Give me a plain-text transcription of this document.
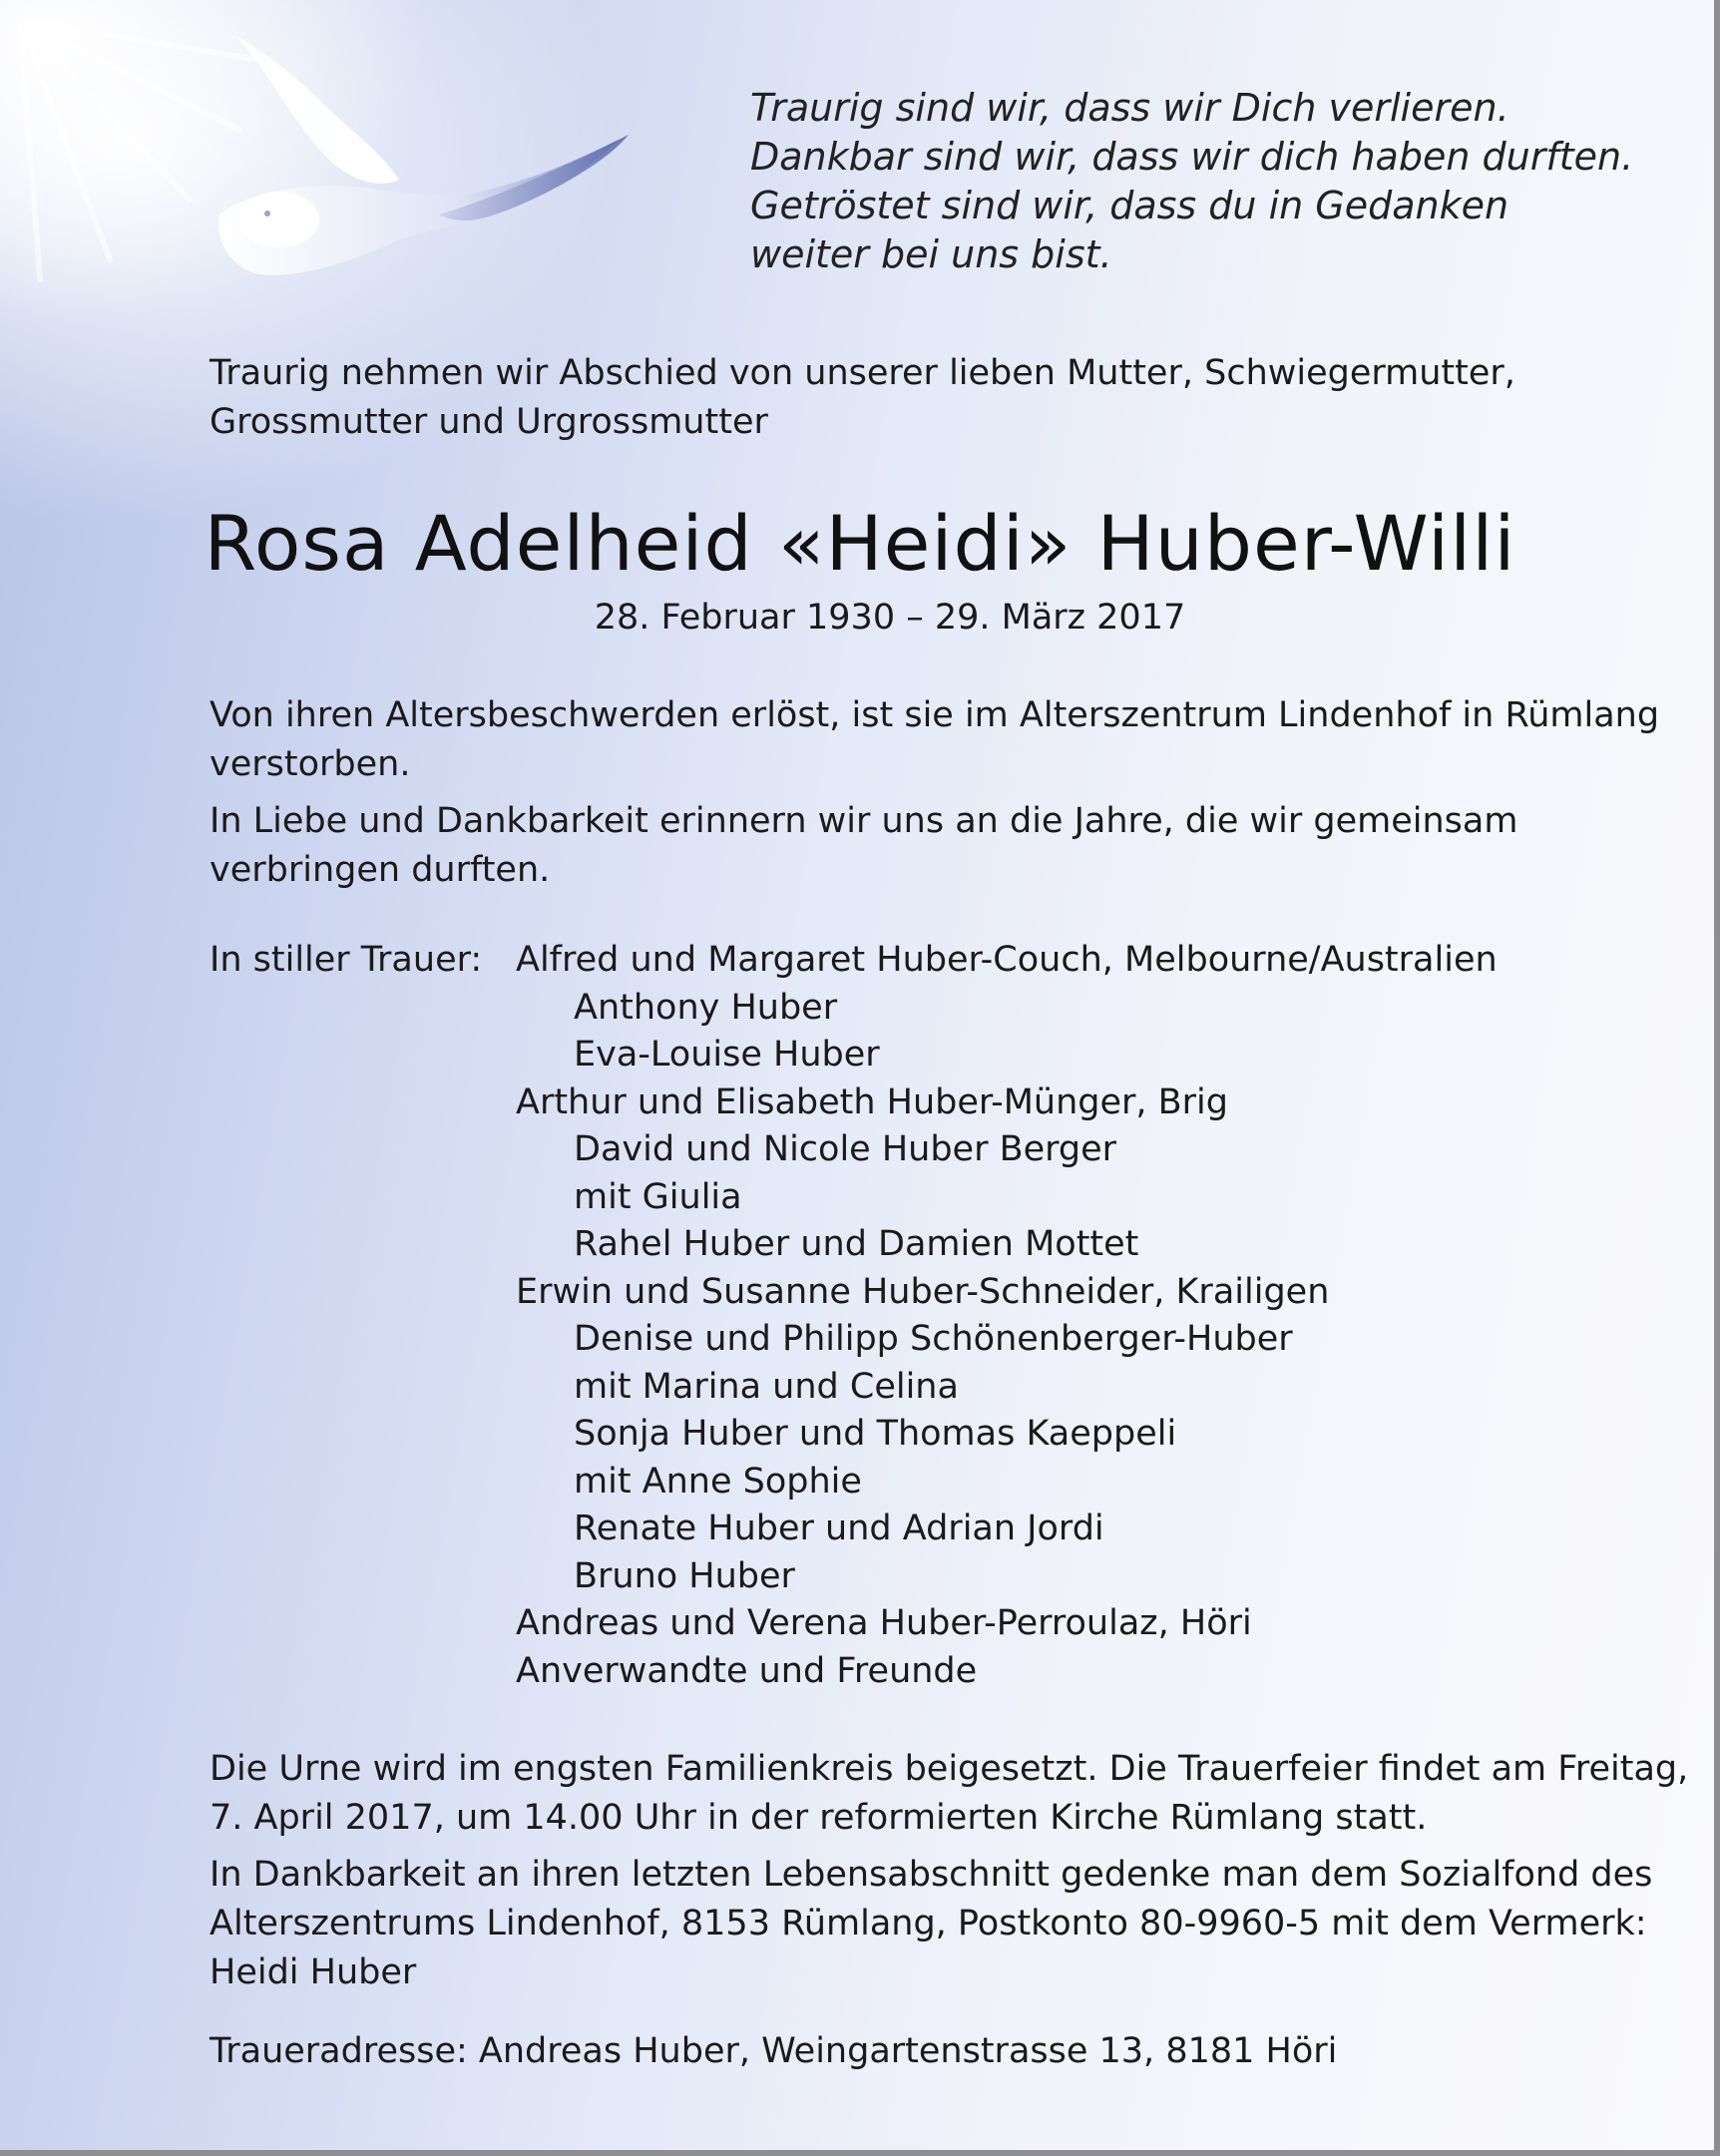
Traurig sind wir, dass wir Dich verlieren.
Dankbar sind wir, dass wir dich haben durften.
Getröstet sind wir, dass du in Gedanken
weiter bei uns bist.
Traurig nehmen wir Abschied von unserer lieben Mutter, Schwiegermutter,
Grossmutter und Urgrossmutter
Rosa Adelheid «Heidi» Huber-Willi
28. Februar 1930 – 29. März 2017
Von ihren Altersbeschwerden erlöst, ist sie im Alterszentrum Lindenhof in Rümlang
verstorben.
In Liebe und Dankbarkeit erinnern wir uns an die Jahre, die wir gemeinsam
verbringen durften.
In stiller Trauer: Alfred und Margaret Huber-Couch, Melbourne/Australien
Anthony Huber
Eva-Louise Huber
Arthur und Elisabeth Huber-Münger, Brig
David und Nicole Huber Berger
mit Giulia
Rahel Huber und Damien Mottet
Erwin und Susanne Huber-Schneider, Krailigen
Denise und Philipp Schönenberger-Huber
mit Marina und Celina
Sonja Huber und Thomas Kaeppeli
mit Anne Sophie
Renate Huber und Adrian Jordi
Bruno Huber
Andreas und Verena Huber-Perroulaz, Höri
Anverwandte und Freunde
Die Urne wird im engsten Familienkreis beigesetzt. Die Trauerfeier findet am Freitag,
7. April 2017, um 14.00 Uhr in der reformierten Kirche Rümlang statt.
In Dankbarkeit an ihren letzten Lebensabschnitt gedenke man dem Sozialfond des
Alterszentrums Lindenhof, 8153 Rümlang, Postkonto 80-9960-5 mit dem Vermerk:
Heidi Huber
Traueradresse: Andreas Huber, Weingartenstrasse 13, 8181 Höri
